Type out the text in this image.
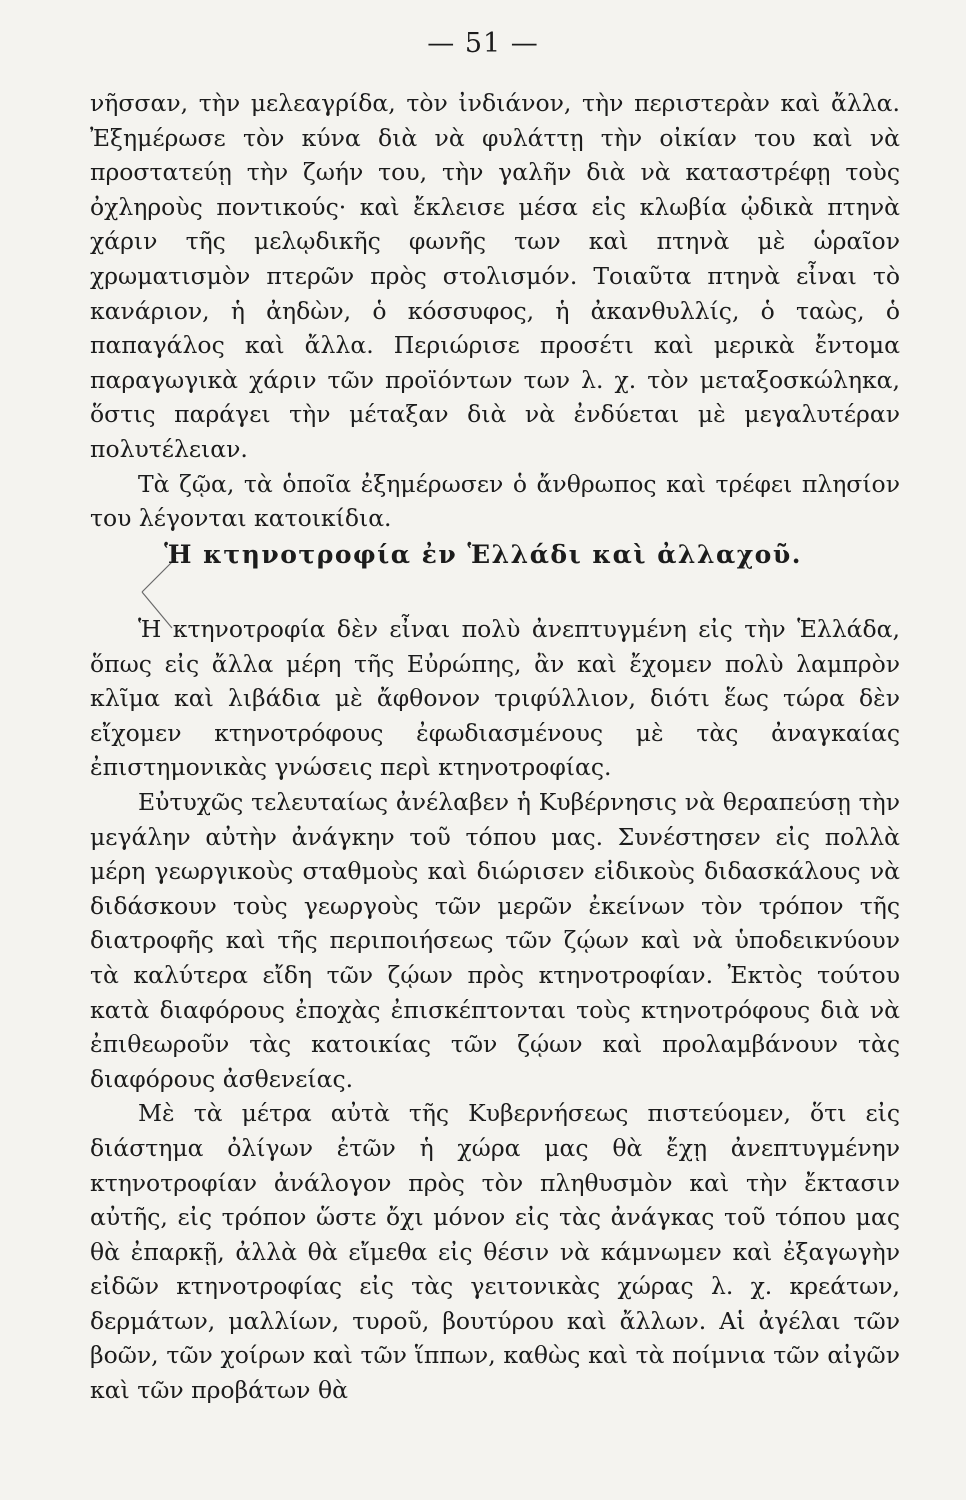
— 51 —

νῆσσαν, τὴν μελεαγρίδα, τὸν ἰνδιάνον, τὴν περιστερὰν καὶ ἄλλα. Ἐξημέρωσε τὸν κύνα διὰ νὰ φυλάττῃ τὴν οἰκίαν του καὶ νὰ προστατεύῃ τὴν ζωήν του, τὴν γαλῆν διὰ νὰ καταστρέφῃ τοὺς ὀχληροὺς ποντικούς· καὶ ἔκλεισε μέσα εἰς κλωβία ᾠδικὰ πτηνὰ χάριν τῆς μελῳδικῆς φωνῆς των καὶ πτηνὰ μὲ ὡραῖον χρωματισμὸν πτερῶν πρὸς στολισμόν. Τοιαῦτα πτηνὰ εἶναι τὸ κανάριον, ἡ ἀηδὼν, ὁ κόσσυφος, ἡ ἀκανθυλλίς, ὁ ταὼς, ὁ παπαγάλος καὶ ἄλλα. Περιώρισε προσέτι καὶ μερικὰ ἔντομα παραγωγικὰ χάριν τῶν προϊόντων των λ. χ. τὸν μεταξοσκώληκα, ὅστις παράγει τὴν μέταξαν διὰ νὰ ἐνδύεται μὲ μεγαλυτέραν πολυτέλειαν.

Τὰ ζῷα, τὰ ὁποῖα ἐξημέρωσεν ὁ ἄνθρωπος καὶ τρέφει πλησίον του λέγονται κατοικίδια.

Ἡ κτηνοτροφία ἐν Ἑλλάδι καὶ ἀλλαχοῦ.

Ἡ κτηνοτροφία δὲν εἶναι πολὺ ἀνεπτυγμένη εἰς τὴν Ἑλλάδα, ὅπως εἰς ἄλλα μέρη τῆς Εὐρώπης, ἂν καὶ ἔχομεν πολὺ λαμπρὸν κλῖμα καὶ λιβάδια μὲ ἄφθονον τριφύλλιον, διότι ἕως τώρα δὲν εἴχομεν κτηνοτρόφους ἐφωδιασμένους μὲ τὰς ἀναγκαίας ἐπιστημονικὰς γνώσεις περὶ κτηνοτροφίας.

Εὐτυχῶς τελευταίως ἀνέλαβεν ἡ Κυβέρνησις νὰ θεραπεύσῃ τὴν μεγάλην αὐτὴν ἀνάγκην τοῦ τόπου μας. Συνέστησεν εἰς πολλὰ μέρη γεωργικοὺς σταθμοὺς καὶ διώρισεν εἰδικοὺς διδασκάλους νὰ διδάσκουν τοὺς γεωργοὺς τῶν μερῶν ἐκείνων τὸν τρόπον τῆς διατροφῆς καὶ τῆς περιποιήσεως τῶν ζῴων καὶ νὰ ὑποδεικνύουν τὰ καλύτερα εἴδη τῶν ζῴων πρὸς κτηνοτροφίαν. Ἐκτὸς τούτου κατὰ διαφόρους ἐποχὰς ἐπισκέπτονται τοὺς κτηνοτρόφους διὰ νὰ ἐπιθεωροῦν τὰς κατοικίας τῶν ζῴων καὶ προλαμβάνουν τὰς διαφόρους ἀσθενείας.

Μὲ τὰ μέτρα αὐτὰ τῆς Κυβερνήσεως πιστεύομεν, ὅτι εἰς διάστημα ὀλίγων ἐτῶν ἡ χώρα μας θὰ ἔχῃ ἀνεπτυγμένην κτηνοτροφίαν ἀνάλογον πρὸς τὸν πληθυσμὸν καὶ τὴν ἔκτασιν αὐτῆς, εἰς τρόπον ὥστε ὄχι μόνον εἰς τὰς ἀνάγκας τοῦ τόπου μας θὰ ἐπαρκῇ, ἀλλὰ θὰ εἴμεθα εἰς θέσιν νὰ κάμνωμεν καὶ ἐξαγωγὴν εἰδῶν κτηνοτροφίας εἰς τὰς γειτονικὰς χώρας λ. χ. κρεάτων, δερμάτων, μαλλίων, τυροῦ, βουτύρου καὶ ἄλλων. Αἱ ἀγέλαι τῶν βοῶν, τῶν χοίρων καὶ τῶν ἵππων, καθὼς καὶ τὰ ποίμνια τῶν αἰγῶν καὶ τῶν προβάτων θὰ
